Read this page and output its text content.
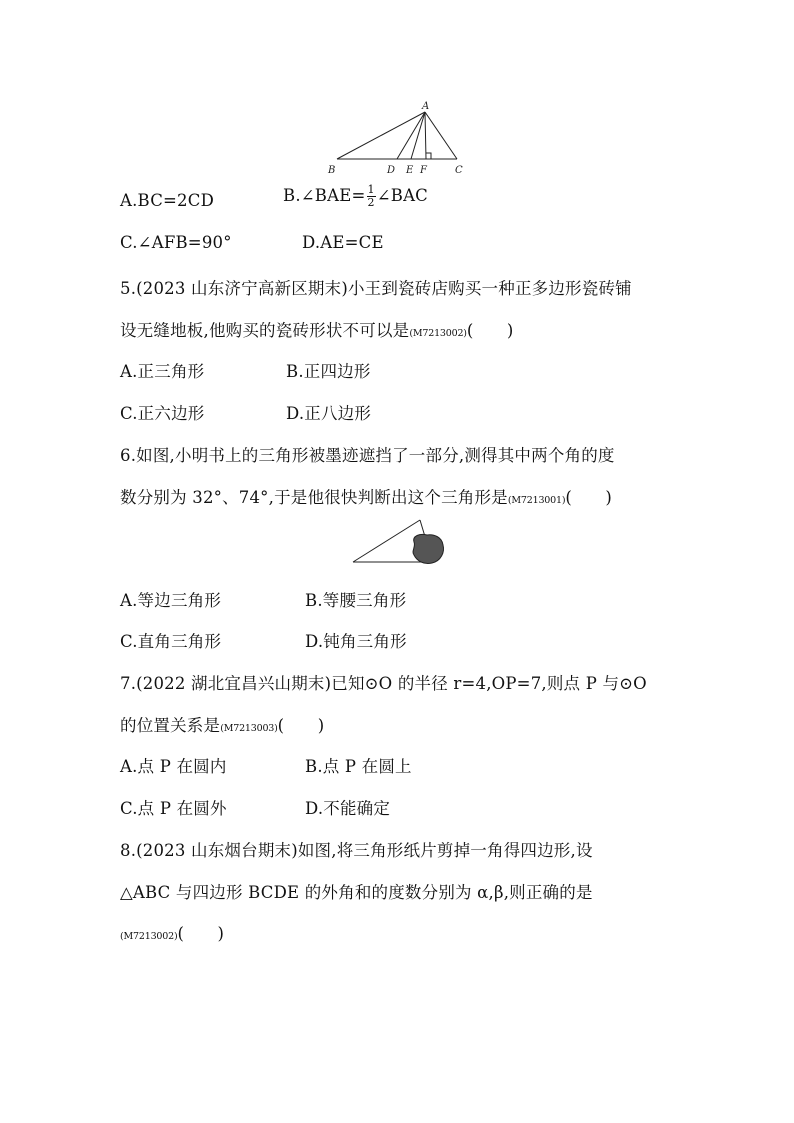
A
B	D E F	C
A.BC=2CD	B.∠BAE= $\frac{1}{2}$ ∠BAC
C.∠AFB=90°	D.AE=CE
5.(2023 山东济宁高新区期末)小王到瓷砖店购买一种正多边形瓷砖铺
设无缝地板,他购买的瓷砖形状不可以是(M7213002)(　　)
A.正三角形	B.正四边形
C.正六边形	D.正八边形
6.如图,小明书上的三角形被墨迹遮挡了一部分,测得其中两个角的度
数分别为 32°、74°,于是他很快判断出这个三角形是(M7213001)(　　)
A.等边三角形	B.等腰三角形
C.直角三角形	D.钝角三角形
7.(2022 湖北宜昌兴山期末)已知⊙O 的半径 r=4,OP=7,则点 P 与⊙O
的位置关系是(M7213003)(　　)
A.点 P 在圆内	B.点 P 在圆上
C.点 P 在圆外	D.不能确定
8.(2023 山东烟台期末)如图,将三角形纸片剪掉一角得四边形,设
△ABC 与四边形 BCDE 的外角和的度数分别为 α,β,则正确的是
(M7213002)(　　)
